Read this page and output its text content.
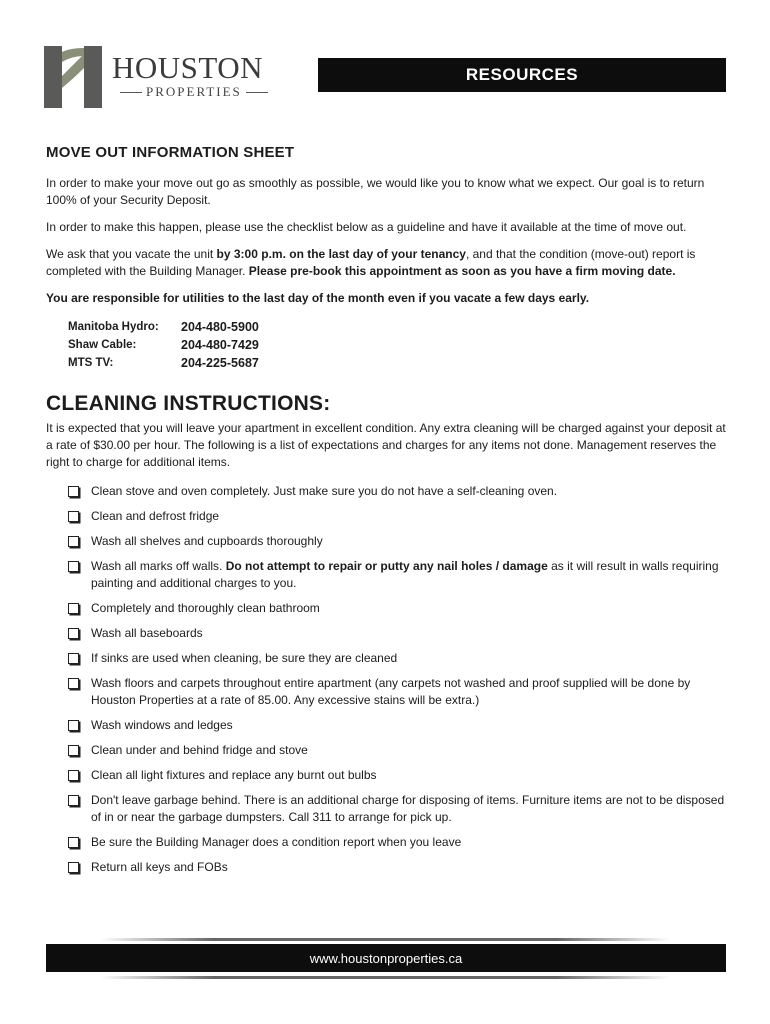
HOUSTON
PROPERTIES
RESOURCES
MOVE OUT INFORMATION SHEET

In order to make your move out go as smoothly as possible, we would like you to know what we expect. Our goal is to return 100% of your Security Deposit.

In order to make this happen, please use the checklist below as a guideline and have it available at the time of move out.

We ask that you vacate the unit by 3:00 p.m. on the last day of your tenancy, and that the condition (move-out) report is completed with the Building Manager. Please pre-book this appointment as soon as you have a firm moving date.

You are responsible for utilities to the last day of the month even if you vacate a few days early.

Manitoba Hydro:	204-480-5900
Shaw Cable:	204-480-7429
MTS TV:	204-225-5687
CLEANING INSTRUCTIONS:

It is expected that you will leave your apartment in excellent condition. Any extra cleaning will be charged against your deposit at a rate of $30.00 per hour. The following is a list of expectations and charges for any items not done. Management reserves the right to charge for additional items.

Clean stove and oven completely. Just make sure you do not have a self-cleaning oven.
Clean and defrost fridge
Wash all shelves and cupboards thoroughly
Wash all marks off walls. Do not attempt to repair or putty any nail holes / damage as it will result in walls requiring painting and additional charges to you.
Completely and thoroughly clean bathroom
Wash all baseboards
If sinks are used when cleaning, be sure they are cleaned
Wash floors and carpets throughout entire apartment (any carpets not washed and proof supplied will be done by Houston Properties at a rate of 85.00. Any excessive stains will be extra.)
Wash windows and ledges
Clean under and behind fridge and stove
Clean all light fixtures and replace any burnt out bulbs
Don't leave garbage behind. There is an additional charge for disposing of items. Furniture items are not to be disposed of in or near the garbage dumpsters. Call 311 to arrange for pick up.
Be sure the Building Manager does a condition report when you leave
Return all keys and FOBs
www.houstonproperties.ca
